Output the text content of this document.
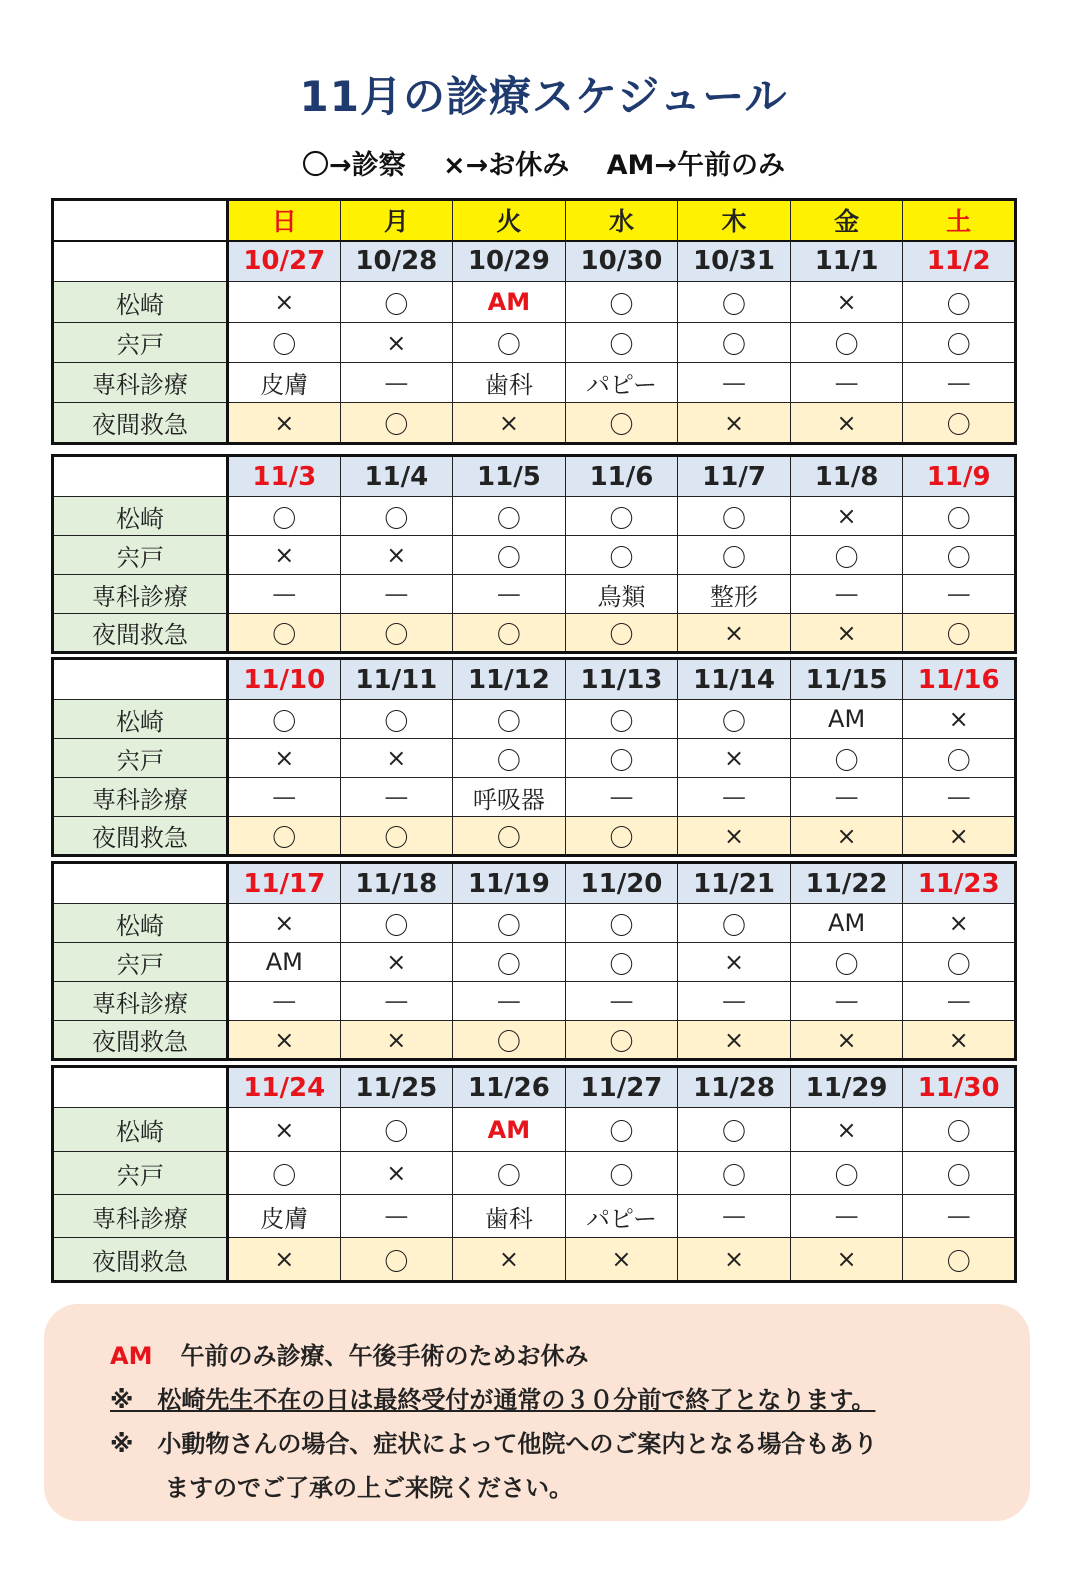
11月の診療スケジュール
〇→診察 ×→お休み AM→午前のみ
	日	月	火	水	木	金	土
	10/27	10/28	10/29	10/30	10/31	11/1	11/2
松崎	×	〇	AM	〇	〇	×	〇
宍戸	〇	×	〇	〇	〇	〇	〇
専科診療	皮膚	—	歯科	パピー	—	—	—
夜間救急	×	〇	×	〇	×	×	〇
	11/3	11/4	11/5	11/6	11/7	11/8	11/9
松崎	〇	〇	〇	〇	〇	×	〇
宍戸	×	×	〇	〇	〇	〇	〇
専科診療	—	—	—	鳥類	整形	—	—
夜間救急	〇	〇	〇	〇	×	×	〇
	11/10	11/11	11/12	11/13	11/14	11/15	11/16
松崎	〇	〇	〇	〇	〇	AM	×
宍戸	×	×	〇	〇	×	〇	〇
専科診療	—	—	呼吸器	—	—	—	—
夜間救急	〇	〇	〇	〇	×	×	×
	11/17	11/18	11/19	11/20	11/21	11/22	11/23
松崎	×	〇	〇	〇	〇	AM	×
宍戸	AM	×	〇	〇	×	〇	〇
専科診療	—	—	—	—	—	—	—
夜間救急	×	×	〇	〇	×	×	×
	11/24	11/25	11/26	11/27	11/28	11/29	11/30
松崎	×	〇	AM	〇	〇	×	〇
宍戸	〇	×	〇	〇	〇	〇	〇
専科診療	皮膚	—	歯科	パピー	—	—	—
夜間救急	×	〇	×	×	×	×	〇
AM 午前のみ診療、午後手術のためお休み
※　松崎先生不在の日は最終受付が通常の３０分前で終了となります。
※　小動物さんの場合、症状によって他院へのご案内となる場合もあり
ますのでご了承の上ご来院ください。
